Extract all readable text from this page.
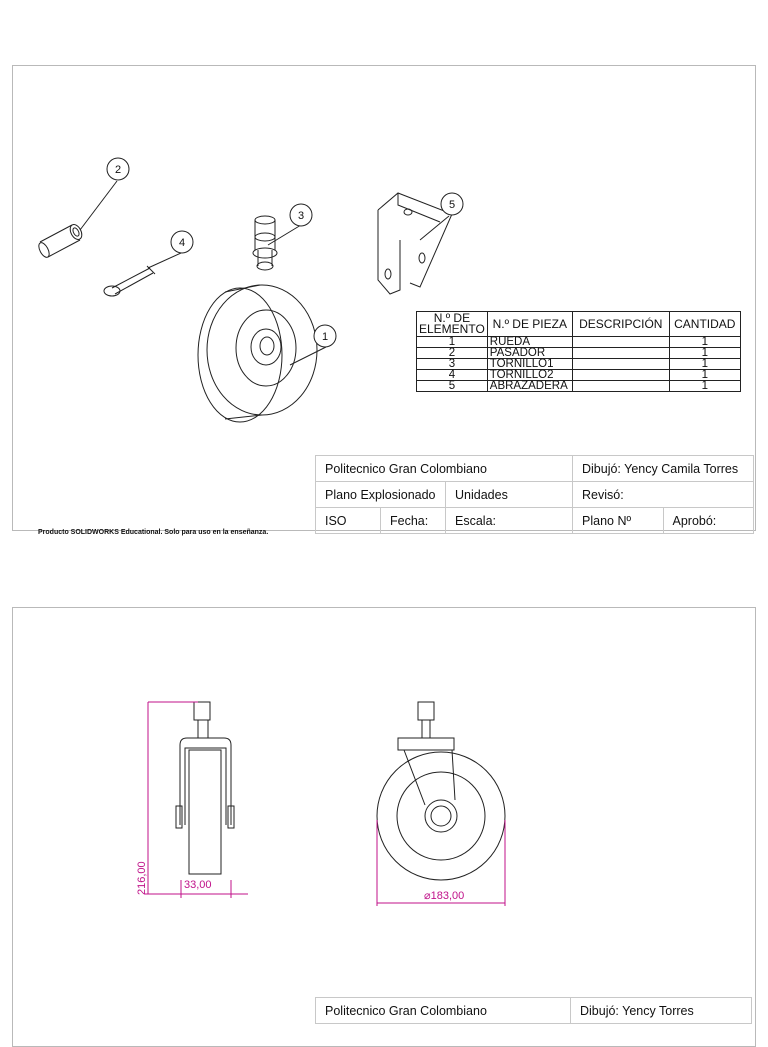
1
2
3
4
5
216,00	33,00
⌀183,00
N.º DE ELEMENTO	N.º DE PIEZA	DESCRIPCIÓN	CANTIDAD
1	RUEDA		1
2	PASADOR		1
3	TORNILLO1		1
4	TORNILLO2		1
5	ABRAZADERA		1
Politecnico Gran Colombiano			Dibujó: Yency Camila Torres	
Plano Explosionado		Unidades	Revisó:	
ISO	Fecha:	Escala:	Plano Nº	Aprobó:
Producto SOLIDWORKS Educational. Solo para uso en la enseñanza.
Politecnico Gran Colombiano	Dibujó: Yency Torres
